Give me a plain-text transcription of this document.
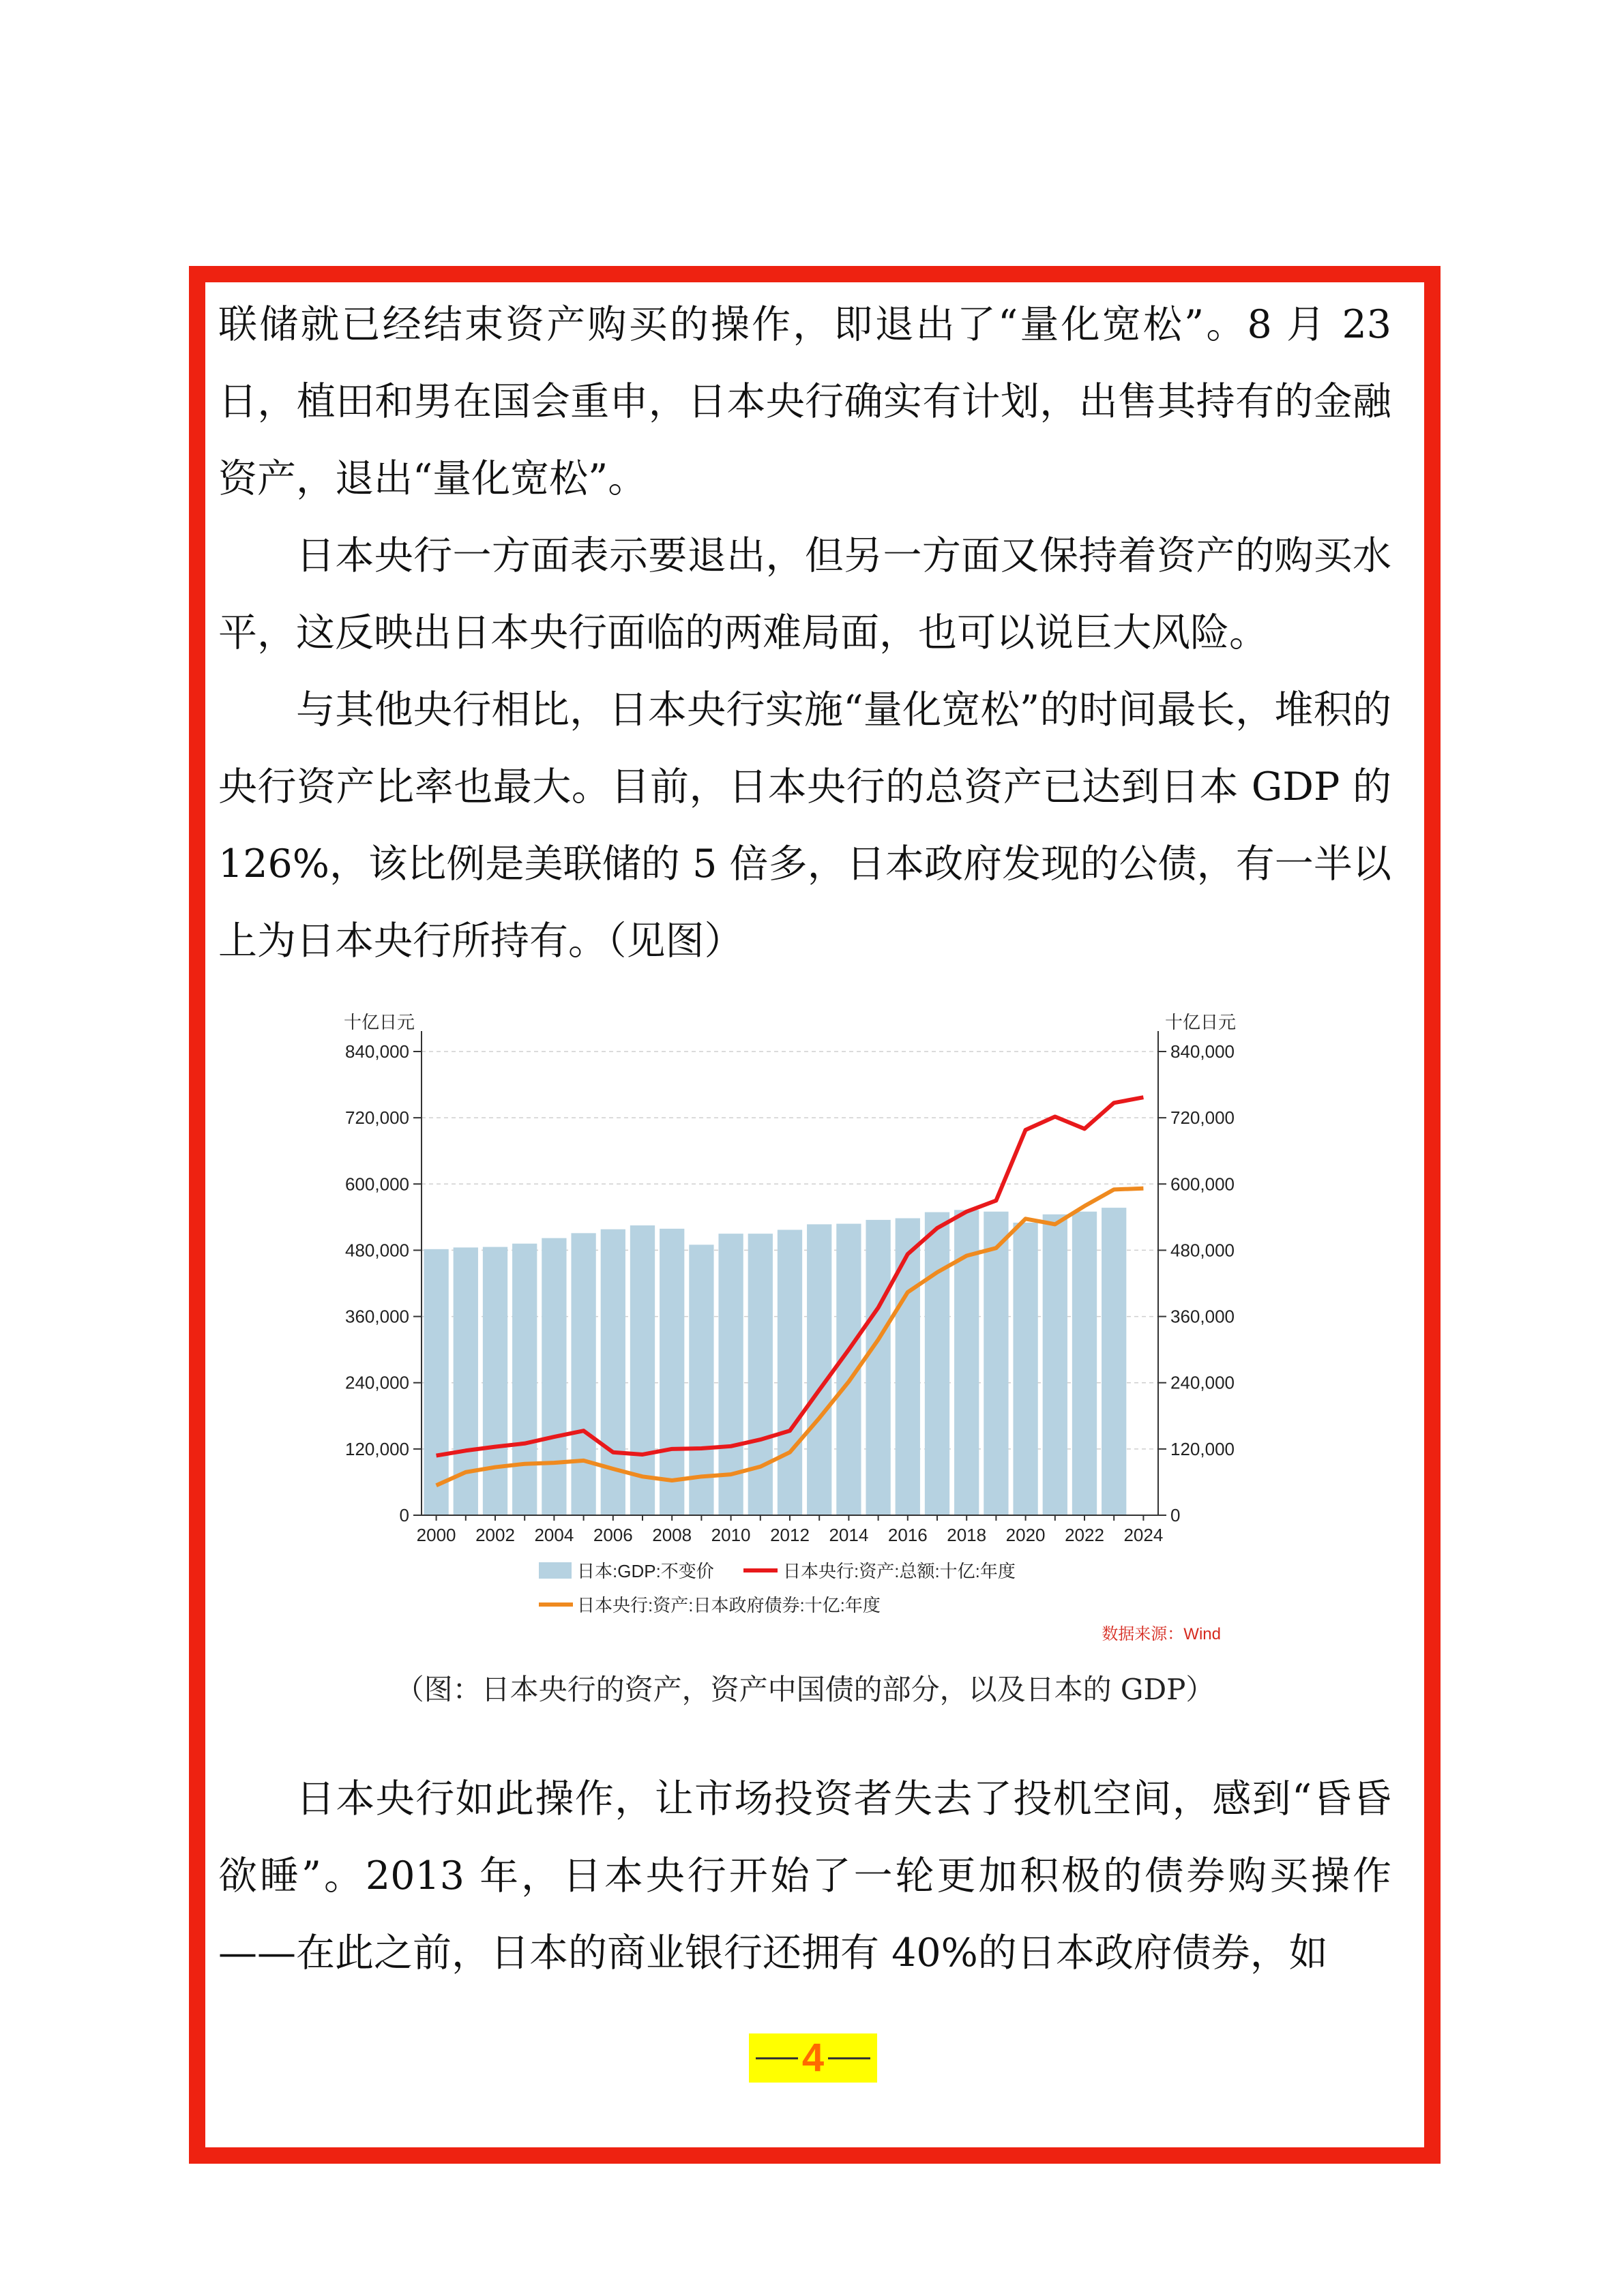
联储就已经结束资产购买的操作，即退出了“量化宽松”。8 月 23 日，植田和男在国会重申，日本央行确实有计划，出售其持有的金融资产，退出“量化宽松”。

日本央行一方面表示要退出，但另一方面又保持着资产的购买水平，这反映出日本央行面临的两难局面，也可以说巨大风险。

与其他央行相比，日本央行实施“量化宽松”的时间最长，堆积的央行资产比率也最大。目前，日本央行的总资产已达到日本 GDP 的 126%，该比例是美联储的 5 倍多，日本政府发现的公债，有一半以上为日本央行所持有。（见图）

0	0
120,000	120,000
240,000	240,000
360,000	360,000
480,000	480,000
600,000	600,000
720,000	720,000
840,000	840,000
十亿日元	十亿日元
2000 2002 2004 2006 2008 2010 2012 2014 2016 2018 2020 2022 2024
日本:GDP:不变价	日本央行:资产:总额:十亿:年度
日本央行:资产:日本政府债券:十亿:年度
数据来源：Wind
（图：日本央行的资产，资产中国债的部分，以及日本的 GDP）

日本央行如此操作，让市场投资者失去了投机空间，感到“昏昏欲睡”。2013 年，日本央行开始了一轮更加积极的债券购买操作——在此之前，日本的商业银行还拥有 40%的日本政府债券，如

4
